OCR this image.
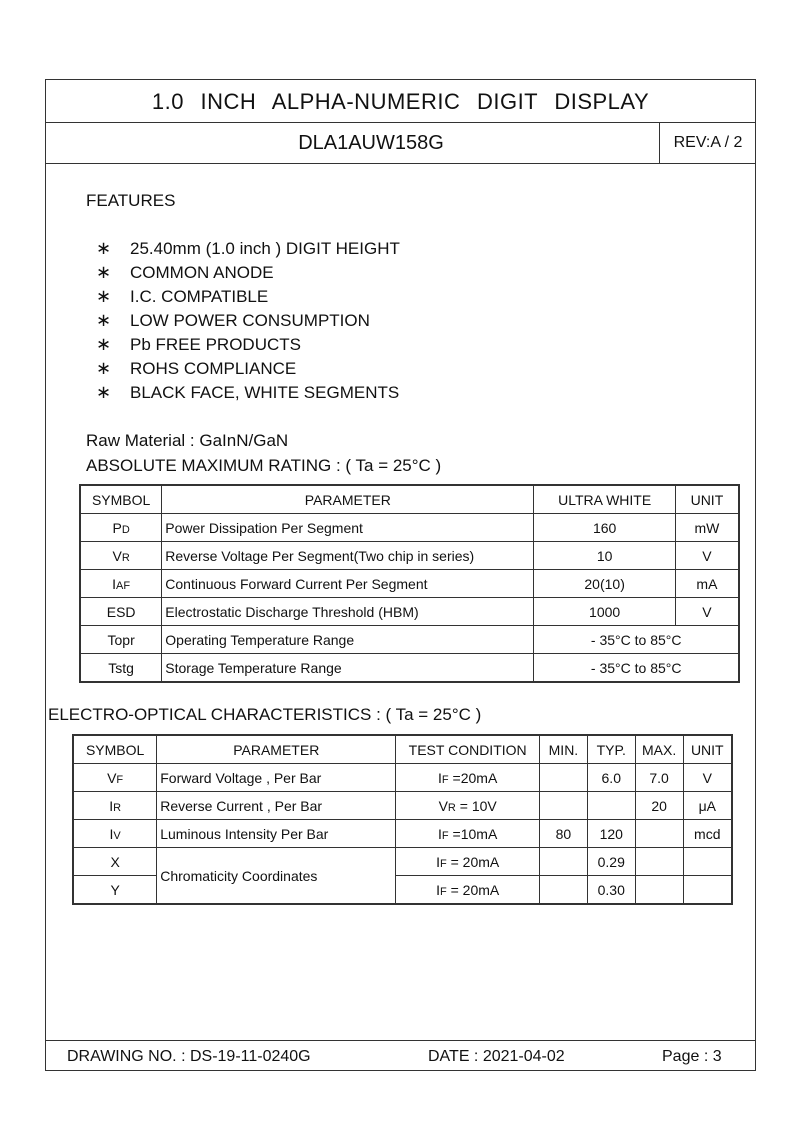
1.0 INCH ALPHA-NUMERIC DIGIT DISPLAY
DLA1AUW158G	REV:A / 2
FEATURES
∗ 25.40mm (1.0 inch ) DIGIT HEIGHT
∗ COMMON ANODE
∗ I.C. COMPATIBLE
∗ LOW POWER CONSUMPTION
∗ Pb FREE PRODUCTS
∗ ROHS COMPLIANCE
∗ BLACK FACE, WHITE SEGMENTS
Raw Material : GaInN/GaN
ABSOLUTE MAXIMUM RATING : ( Ta = 25°C )
SYMBOL	PARAMETER	ULTRA WHITE	UNIT
PD	Power Dissipation Per Segment	160	mW
VR	Reverse Voltage Per Segment(Two chip in series)	10	V
IAF	Continuous Forward Current Per Segment	20(10)	mA
ESD	Electrostatic Discharge Threshold (HBM)	1000	V
Topr	Operating Temperature Range	- 35°C to 85°C	
Tstg	Storage Temperature Range	- 35°C to 85°C	
ELECTRO-OPTICAL CHARACTERISTICS : ( Ta = 25°C )
SYMBOL	PARAMETER	TEST CONDITION	MIN.	TYP.	MAX.	UNIT
VF	Forward Voltage , Per Bar	IF =20mA		6.0	7.0	V
IR	Reverse Current , Per Bar	VR = 10V			20	μA
IV	Luminous Intensity Per Bar	IF =10mA	80	120		mcd
X	Chromaticity Coordinates	IF = 20mA		0.29		
Y		IF = 20mA		0.30		
DRAWING NO. : DS-19-11-0240G	DATE : 2021-04-02	Page : 3
